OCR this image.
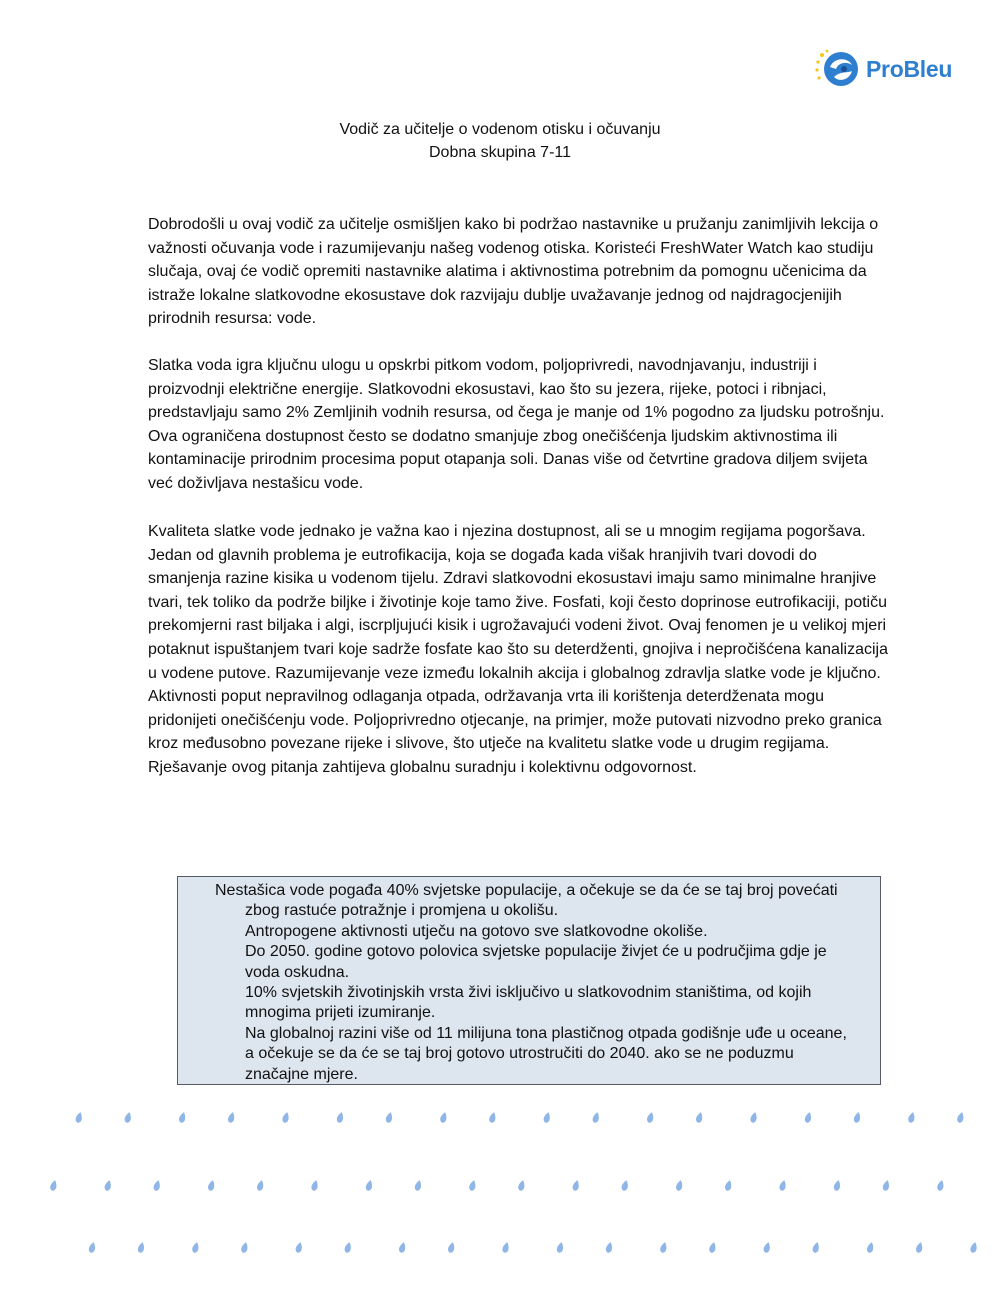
ProBleu
Vodič za učitelje o vodenom otisku i očuvanju
Dobna skupina 7-11

Dobrodošli u ovaj vodič za učitelje osmišljen kako bi podržao nastavnike u pružanju zanimljivih lekcija o važnosti očuvanja vode i razumijevanju našeg vodenog otiska. Koristeći FreshWater Watch kao studiju slučaja, ovaj će vodič opremiti nastavnike alatima i aktivnostima potrebnim da pomognu učenicima da istraže lokalne slatkovodne ekosustave dok razvijaju dublje uvažavanje jednog od najdragocjenijih prirodnih resursa: vode.

Slatka voda igra ključnu ulogu u opskrbi pitkom vodom, poljoprivredi, navodnjavanju, industriji i proizvodnji električne energije. Slatkovodni ekosustavi, kao što su jezera, rijeke, potoci i ribnjaci, predstavljaju samo 2% Zemljinih vodnih resursa, od čega je manje od 1% pogodno za ljudsku potrošnju. Ova ograničena dostupnost često se dodatno smanjuje zbog onečišćenja ljudskim aktivnostima ili kontaminacije prirodnim procesima poput otapanja soli. Danas više od četvrtine gradova diljem svijeta već doživljava nestašicu vode.

Kvaliteta slatke vode jednako je važna kao i njezina dostupnost, ali se u mnogim regijama pogoršava. Jedan od glavnih problema je eutrofikacija, koja se događa kada višak hranjivih tvari dovodi do smanjenja razine kisika u vodenom tijelu. Zdravi slatkovodni ekosustavi imaju samo minimalne hranjive tvari, tek toliko da podrže biljke i životinje koje tamo žive. Fosfati, koji često doprinose eutrofikaciji, potiču prekomjerni rast biljaka i algi, iscrpljujući kisik i ugrožavajući vodeni život. Ovaj fenomen je u velikoj mjeri potaknut ispuštanjem tvari koje sadrže fosfate kao što su deterdženti, gnojiva i nepročišćena kanalizacija u vodene putove. Razumijevanje veze između lokalnih akcija i globalnog zdravlja slatke vode je ključno. Aktivnosti poput nepravilnog odlaganja otpada, održavanja vrta ili korištenja deterdženata mogu pridonijeti onečišćenju vode. Poljoprivredno otjecanje, na primjer, može putovati nizvodno preko granica kroz međusobno povezane rijeke i slivove, što utječe na kvalitetu slatke vode u drugim regijama. Rješavanje ovog pitanja zahtijeva globalnu suradnju i kolektivnu odgovornost.

Nestašica vode pogađa 40% svjetske populacije, a očekuje se da će se taj broj povećati zbog rastuće potražnje i promjena u okolišu.

Antropogene aktivnosti utječu na gotovo sve slatkovodne okoliše.

Do 2050. godine gotovo polovica svjetske populacije živjet će u područjima gdje je voda oskudna.

10% svjetskih životinjskih vrsta živi isključivo u slatkovodnim staništima, od kojih mnogima prijeti izumiranje.

Na globalnoj razini više od 11 milijuna tona plastičnog otpada godišnje uđe u oceane, a očekuje se da će se taj broj gotovo utrostručiti do 2040. ako se ne poduzmu značajne mjere.
